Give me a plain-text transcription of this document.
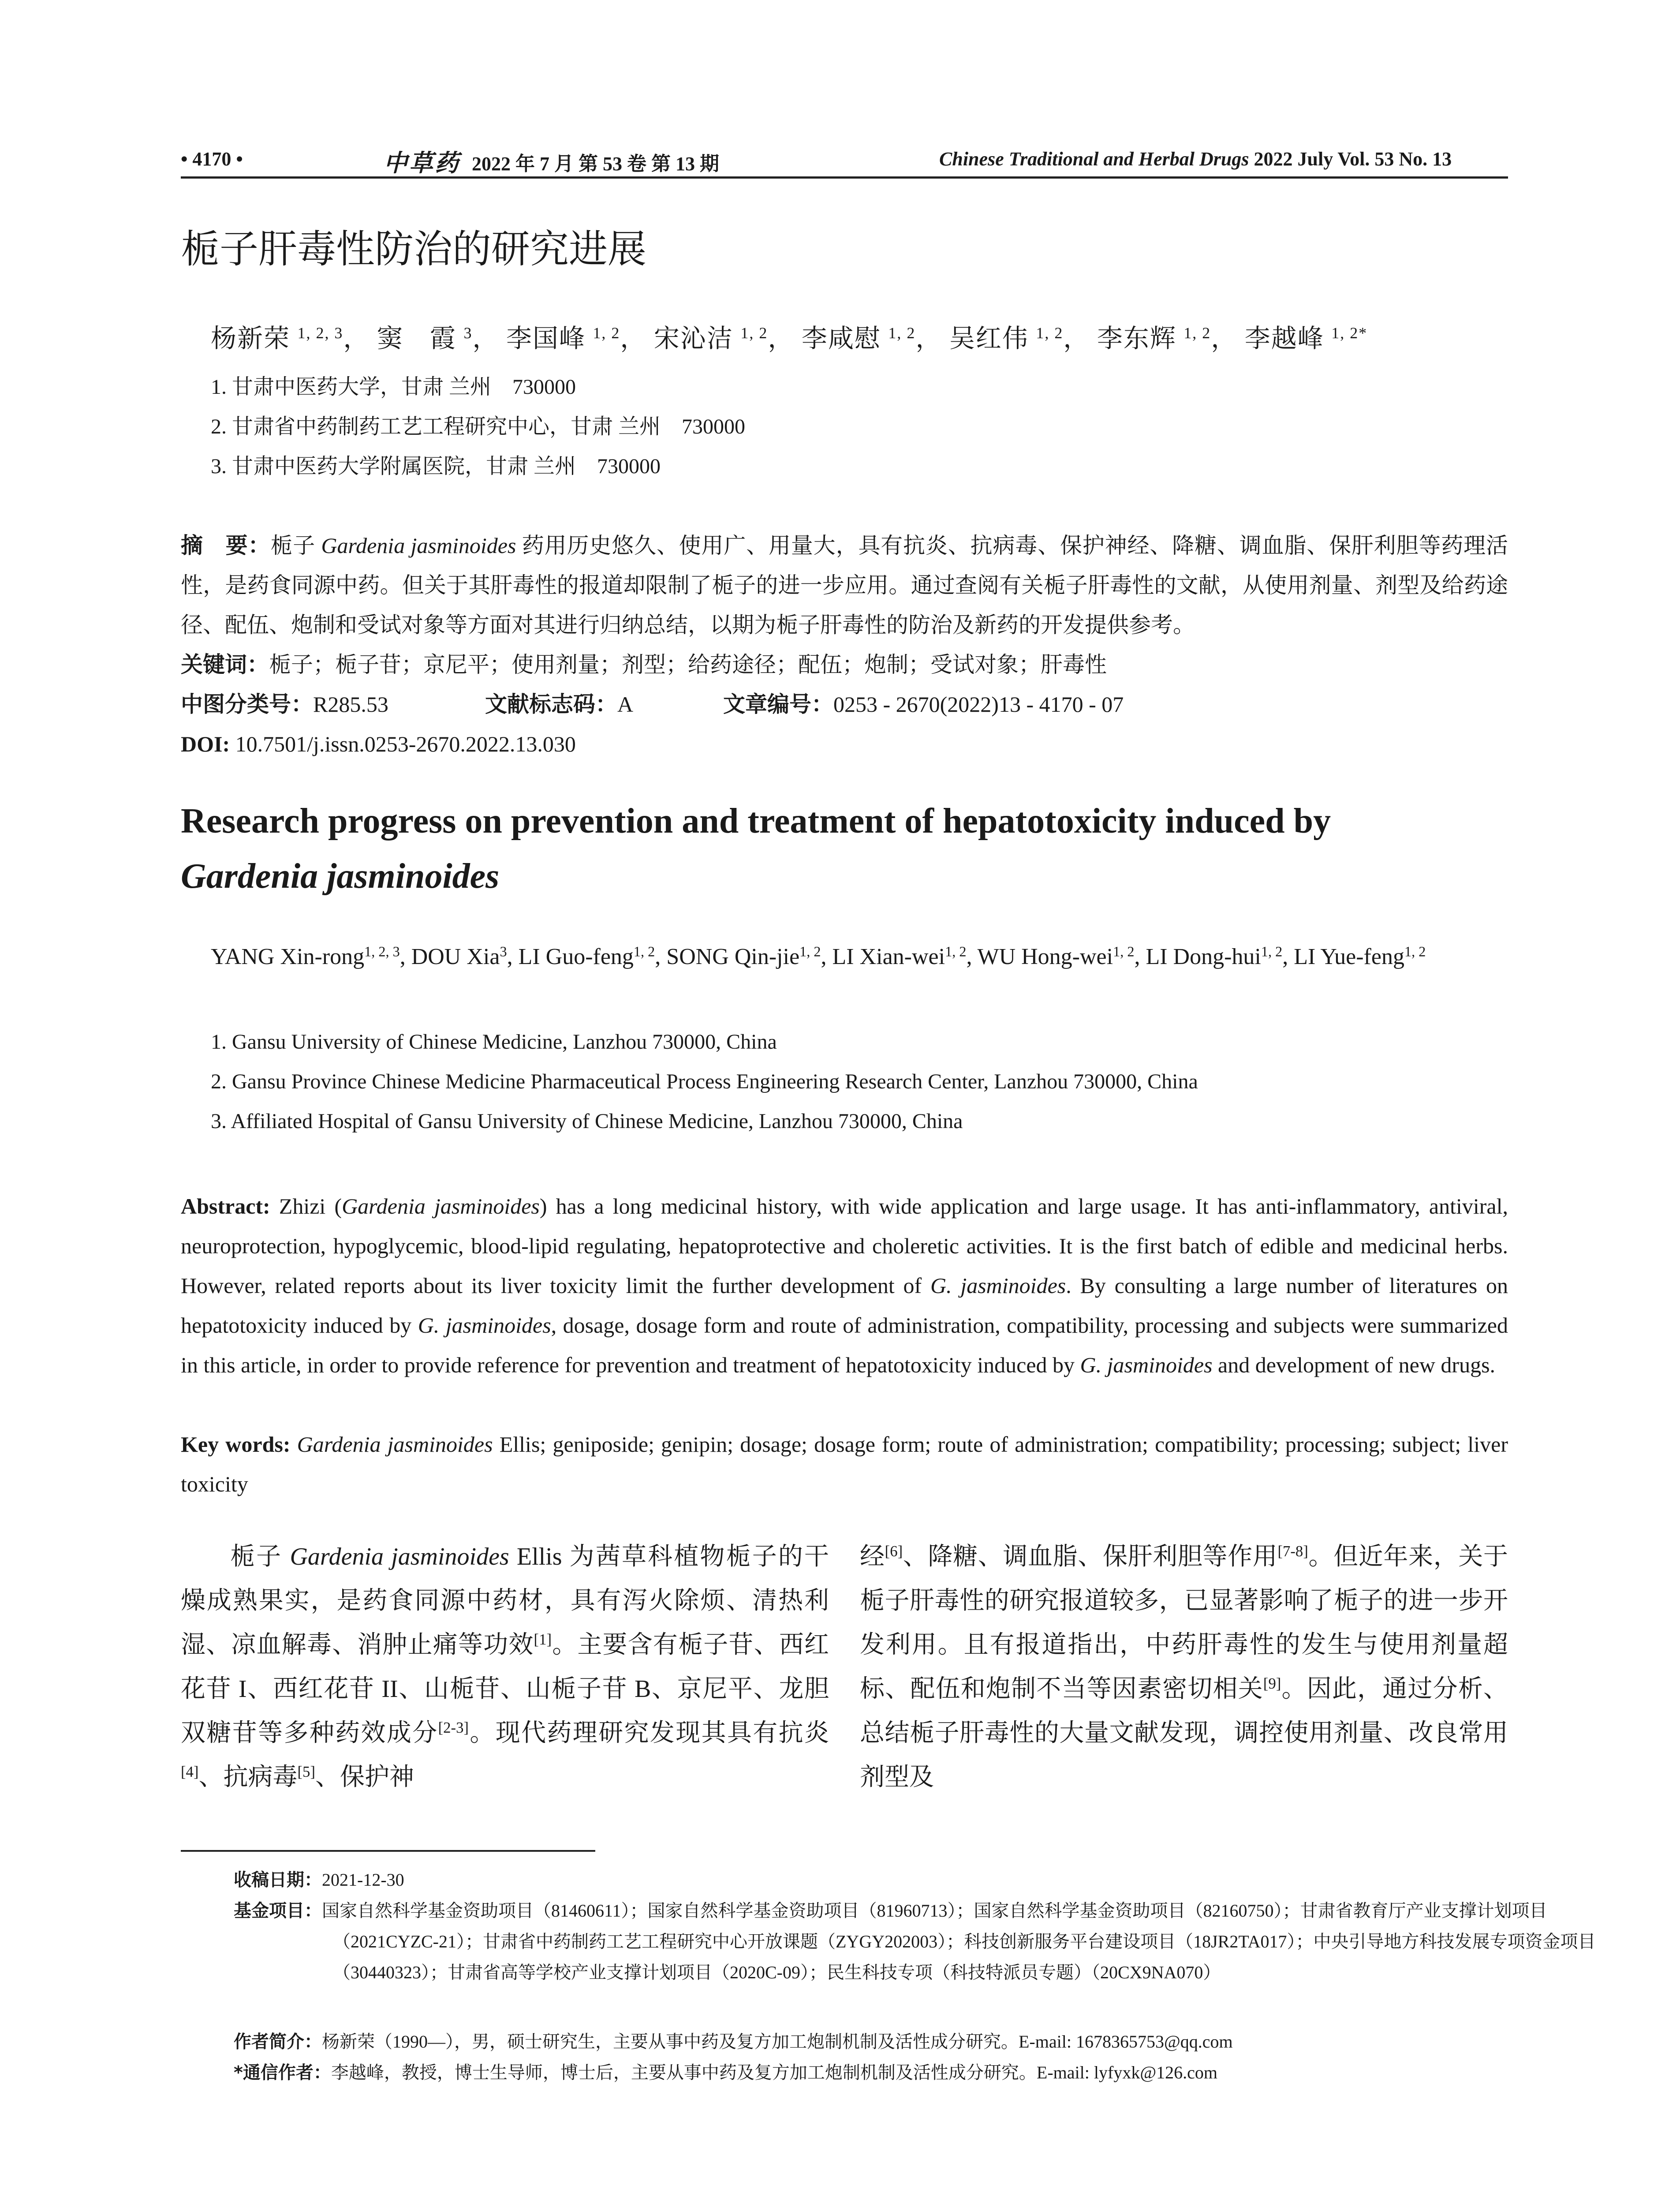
• 4170 •	中草药 2022 年 7 月 第 53 卷 第 13 期	Chinese Traditional and Herbal Drugs 2022 July Vol. 53 No. 13
栀子肝毒性防治的研究进展
杨新荣 $^{1, 2, 3}$， 窦　霞 $^3$， 李国峰 $^{1, 2}$， 宋沁洁 $^{1, 2}$， 李咸慰 $^{1, 2}$， 吴红伟 $^{1, 2}$， 李东辉 $^{1, 2}$， 李越峰 $^{1, 2*}$
1. 甘肃中医药大学，甘肃 兰州　730000
2. 甘肃省中药制药工艺工程研究中心，甘肃 兰州　730000
3. 甘肃中医药大学附属医院，甘肃 兰州　730000
摘　要：栀子 Gardenia jasminoides 药用历史悠久、使用广、用量大，具有抗炎、抗病毒、保护神经、降糖、调血脂、保肝利胆等药理活性，是药食同源中药。但关于其肝毒性的报道却限制了栀子的进一步应用。通过查阅有关栀子肝毒性的文献，从使用剂量、剂型及给药途径、配伍、炮制和受试对象等方面对其进行归纳总结，以期为栀子肝毒性的防治及新药的开发提供参考。
关键词：栀子；栀子苷；京尼平；使用剂量；剂型；给药途径；配伍；炮制；受试对象；肝毒性
中图分类号：R285.53	文献标志码：A	文章编号：0253 - 2670(2022)13 - 4170 - 07
DOI: 10.7501/j.issn.0253-2670.2022.13.030
Research progress on prevention and treatment of hepatotoxicity induced by
Gardenia jasminoides
YANG Xin-rong$^{1, 2, 3}$, DOU Xia$^3$, LI Guo-feng$^{1, 2}$, SONG Qin-jie$^{1, 2}$, LI Xian-wei$^{1, 2}$, WU Hong-wei$^{1, 2}$, LI Dong-hui$^{1, 2}$, LI Yue-feng$^{1, 2}$
1. Gansu University of Chinese Medicine, Lanzhou 730000, China
2. Gansu Province Chinese Medicine Pharmaceutical Process Engineering Research Center, Lanzhou 730000, China
3. Affiliated Hospital of Gansu University of Chinese Medicine, Lanzhou 730000, China
Abstract: Zhizi (Gardenia jasminoides) has a long medicinal history, with wide application and large usage. It has anti-inflammatory, antiviral, neuroprotection, hypoglycemic, blood-lipid regulating, hepatoprotective and choleretic activities. It is the first batch of edible and medicinal herbs. However, related reports about its liver toxicity limit the further development of G. jasminoides. By consulting a large number of literatures on hepatotoxicity induced by G. jasminoides, dosage, dosage form and route of administration, compatibility, processing and subjects were summarized in this article, in order to provide reference for prevention and treatment of hepatotoxicity induced by G. jasminoides and development of new drugs.
Key words: Gardenia jasminoides Ellis; geniposide; genipin; dosage; dosage form; route of administration; compatibility; processing; subject; liver toxicity
栀子 Gardenia jasminoides Ellis 为茜草科植物栀子的干燥成熟果实，是药食同源中药材，具有泻火除烦、清热利湿、凉血解毒、消肿止痛等功效[1]。主要含有栀子苷、西红花苷 I、西红花苷 II、山栀苷、山栀子苷 B、京尼平、龙胆双糖苷等多种药效成分[2-3]。现代药理研究发现其具有抗炎[4]、抗病毒[5]、保护神
经[6]、降糖、调血脂、保肝利胆等作用[7-8]。但近年来，关于栀子肝毒性的研究报道较多，已显著影响了栀子的进一步开发利用。且有报道指出，中药肝毒性的发生与使用剂量超标、配伍和炮制不当等因素密切相关[9]。因此，通过分析、总结栀子肝毒性的大量文献发现，调控使用剂量、改良常用剂型及
收稿日期：2021-12-30
基金项目：国家自然科学基金资助项目（81460611）；国家自然科学基金资助项目（81960713）；国家自然科学基金资助项目（82160750）；甘肃省教育厅产业支撑计划项目（2021CYZC-21）；甘肃省中药制药工艺工程研究中心开放课题（ZYGY202003）；科技创新服务平台建设项目（18JR2TA017）；中央引导地方科技发展专项资金项目（30440323）；甘肃省高等学校产业支撑计划项目（2020C-09）；民生科技专项（科技特派员专题）（20CX9NA070）
作者简介：杨新荣（1990—），男，硕士研究生，主要从事中药及复方加工炮制机制及活性成分研究。E-mail: 1678365753@qq.com
*通信作者：李越峰，教授，博士生导师，博士后，主要从事中药及复方加工炮制机制及活性成分研究。E-mail: lyfyxk@126.com
